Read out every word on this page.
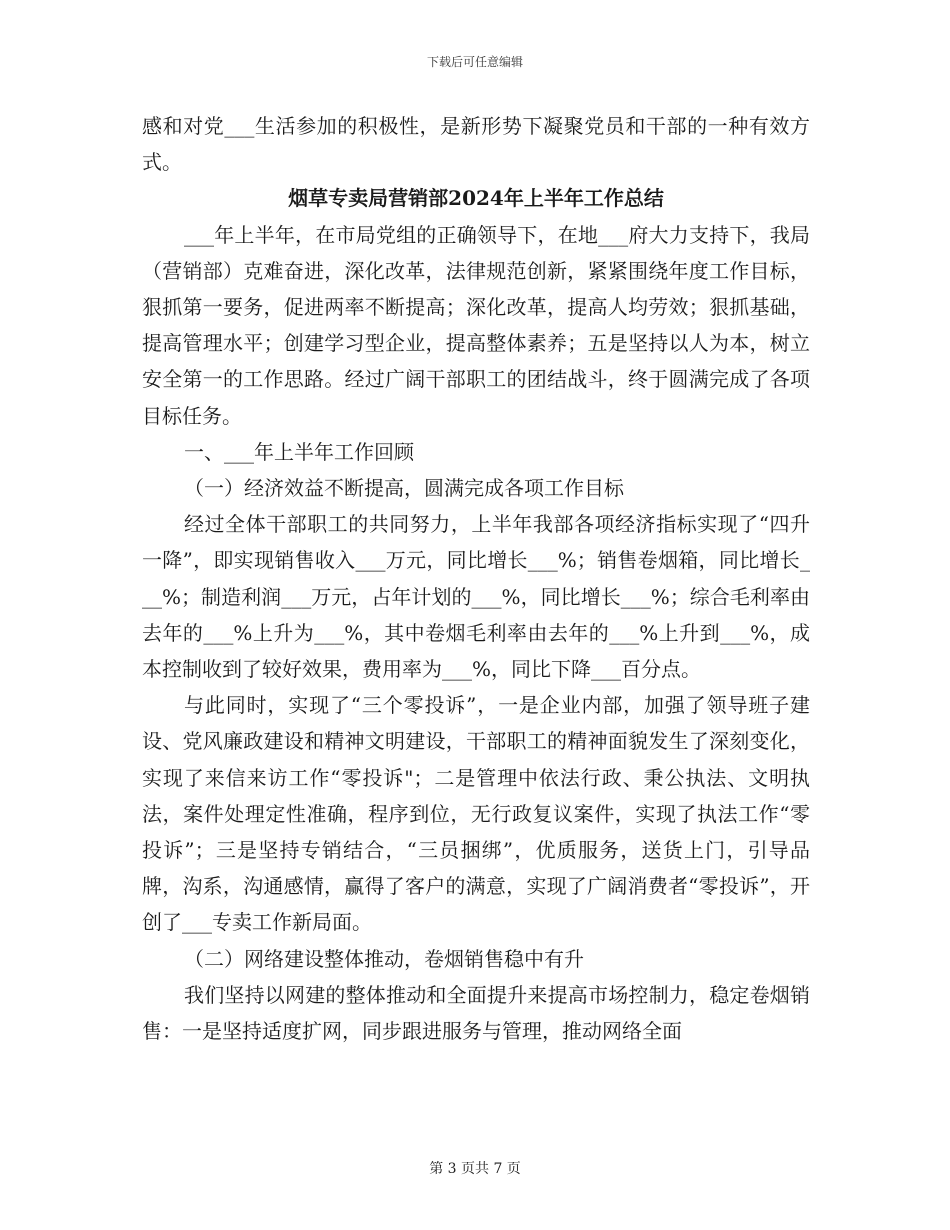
下载后可任意编辑

感和对党___生活参加的积极性，是新形势下凝聚党员和干部的一种有效方式。

烟草专卖局营销部2024年上半年工作总结

___年上半年，在市局党组的正确领导下，在地___府大力支持下，我局（营销部）克难奋进，深化改革，法律规范创新，紧紧围绕年度工作目标，狠抓第一要务，促进两率不断提高；深化改革，提高人均劳效；狠抓基础，提高管理水平；创建学习型企业，提高整体素养；五是坚持以人为本，树立安全第一的工作思路。经过广阔干部职工的团结战斗，终于圆满完成了各项目标任务。

一、___年上半年工作回顾

（一）经济效益不断提高，圆满完成各项工作目标

经过全体干部职工的共同努力，上半年我部各项经济指标实现了“四升一降”，即实现销售收入___万元，同比增长___%；销售卷烟箱，同比增长___%；制造利润___万元，占年计划的___%，同比增长___%；综合毛利率由去年的___%上升为___%，其中卷烟毛利率由去年的___%上升到___%，成本控制收到了较好效果，费用率为___%，同比下降___百分点。

与此同时，实现了“三个零投诉”，一是企业内部，加强了领导班子建设、党风廉政建设和精神文明建设，干部职工的精神面貌发生了深刻变化，实现了来信来访工作“零投诉"；二是管理中依法行政、秉公执法、文明执法，案件处理定性准确，程序到位，无行政复议案件，实现了执法工作“零投诉”；三是坚持专销结合，“三员捆绑”，优质服务，送货上门，引导品牌，沟系，沟通感情，赢得了客户的满意，实现了广阔消费者“零投诉”，开创了___专卖工作新局面。

（二）网络建设整体推动，卷烟销售稳中有升

我们坚持以网建的整体推动和全面提升来提高市场控制力，稳定卷烟销售：一是坚持适度扩网，同步跟进服务与管理，推动网络全面

第 3 页共 7 页
